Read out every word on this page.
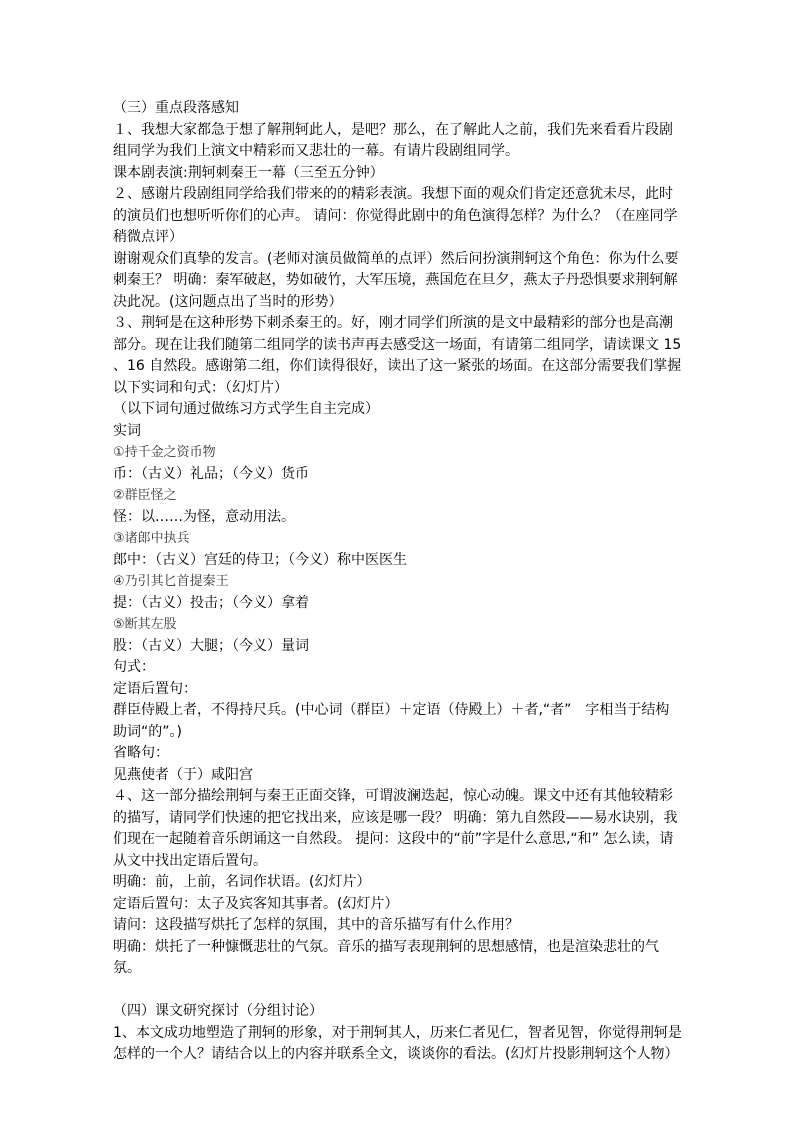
（三）重点段落感知

１、我想大家都急于想了解荆轲此人，是吧？那么，在了解此人之前，我们先来看看片段剧组同学为我们上演文中精彩而又悲壮的一幕。有请片段剧组同学。

课本剧表演:荆轲刺秦王一幕（三至五分钟）

２、感谢片段剧组同学给我们带来的的精彩表演。我想下面的观众们肯定还意犹未尽，此时的演员们也想听听你们的心声。 请问：你觉得此剧中的角色演得怎样？为什么？（在座同学稍微点评）

谢谢观众们真挚的发言。(老师对演员做简单的点评）然后问扮演荆轲这个角色：你为什么要刺秦王？ 明确：秦军破赵，势如破竹，大军压境，燕国危在旦夕，燕太子丹恐惧要求荆轲解决此况。(这问题点出了当时的形势）

３、荆轲是在这种形势下刺杀秦王的。好，刚才同学们所演的是文中最精彩的部分也是高潮部分。现在让我们随第二组同学的读书声再去感受这一场面，有请第二组同学，请读课文 15 、16 自然段。感谢第二组，你们读得很好，读出了这一紧张的场面。在这部分需要我们掌握以下实词和句式：（幻灯片）

（以下词句通过做练习方式学生自主完成）

实词

①持千金之资币物

币：（古义）礼品；（今义）货币

②群臣怪之

怪：以……为怪，意动用法。

③诸郎中执兵

郎中：（古义）宫廷的侍卫；（今义）称中医医生

④乃引其匕首提秦王

提：（古义）投击；（今义）拿着

⑤断其左股

股：（古义）大腿；（今义）量词

句式：

定语后置句：

群臣侍殿上者，不得持尺兵。(中心词（群臣）＋定语（侍殿上）＋者,“者”　字相当于结构助词“的”。)

省略句：

见燕使者（于）咸阳宫

４、这一部分描绘荆轲与秦王正面交锋，可谓波澜迭起，惊心动魄。课文中还有其他较精彩的描写，请同学们快速的把它找出来，应该是哪一段？ 明确：第九自然段——易水诀别，我们现在一起随着音乐朗诵这一自然段。 提问：这段中的“前”字是什么意思,“和” 怎么读，请从文中找出定语后置句。

明确：前，上前，名词作状语。(幻灯片）

定语后置句：太子及宾客知其事者。(幻灯片）

请问：这段描写烘托了怎样的氛围，其中的音乐描写有什么作用？

明确：烘托了一种慷慨悲壮的气氛。音乐的描写表现荆轲的思想感情，也是渲染悲壮的气氛。

（四）课文研究探讨（分组讨论）

1、本文成功地塑造了荆轲的形象，对于荆轲其人，历来仁者见仁，智者见智，你觉得荆轲是怎样的一个人？请结合以上的内容并联系全文，谈谈你的看法。(幻灯片投影荆轲这个人物）
